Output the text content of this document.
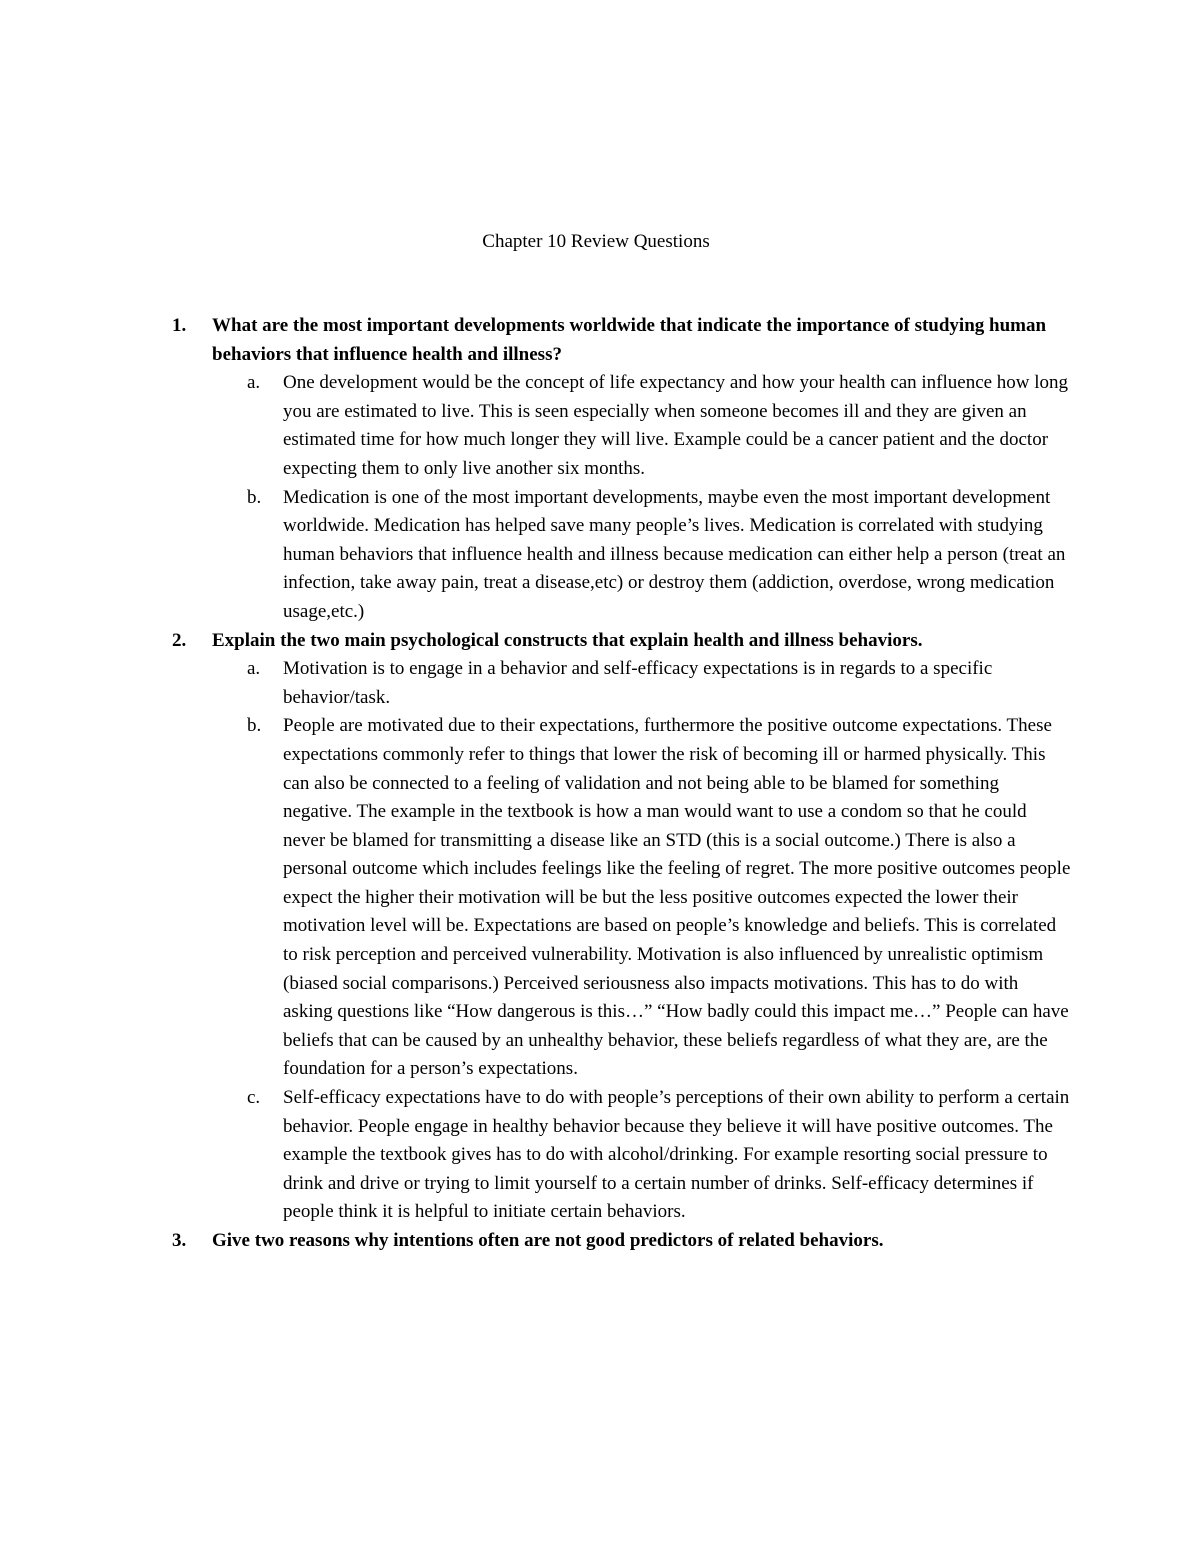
Chapter 10 Review Questions
1. What are the most important developments worldwide that indicate the importance of studying human behaviors that influence health and illness?
a. One development would be the concept of life expectancy and how your health can influence how long you are estimated to live. This is seen especially when someone becomes ill and they are given an estimated time for how much longer they will live. Example could be a cancer patient and the doctor expecting them to only live another six months.
b. Medication is one of the most important developments, maybe even the most important development worldwide. Medication has helped save many people’s lives. Medication is correlated with studying human behaviors that influence health and illness because medication can either help a person (treat an infection, take away pain, treat a disease,etc) or destroy them (addiction, overdose, wrong medication usage,etc.)
2. Explain the two main psychological constructs that explain health and illness behaviors.
a. Motivation is to engage in a behavior and self-efficacy expectations is in regards to a specific behavior/task.
b. People are motivated due to their expectations, furthermore the positive outcome expectations. These expectations commonly refer to things that lower the risk of becoming ill or harmed physically. This can also be connected to a feeling of validation and not being able to be blamed for something negative. The example in the textbook is how a man would want to use a condom so that he could never be blamed for transmitting a disease like an STD (this is a social outcome.) There is also a personal outcome which includes feelings like the feeling of regret. The more positive outcomes people expect the higher their motivation will be but the less positive outcomes expected the lower their motivation level will be. Expectations are based on people’s knowledge and beliefs. This is correlated to risk perception and perceived vulnerability. Motivation is also influenced by unrealistic optimism (biased social comparisons.) Perceived seriousness also impacts motivations. This has to do with asking questions like “How dangerous is this…” “How badly could this impact me…” People can have beliefs that can be caused by an unhealthy behavior, these beliefs regardless of what they are, are the foundation for a person’s expectations.
c. Self-efficacy expectations have to do with people’s perceptions of their own ability to perform a certain behavior. People engage in healthy behavior because they believe it will have positive outcomes. The example the textbook gives has to do with alcohol/drinking. For example resorting social pressure to drink and drive or trying to limit yourself to a certain number of drinks. Self-efficacy determines if people think it is helpful to initiate certain behaviors.
3. Give two reasons why intentions often are not good predictors of related behaviors.
